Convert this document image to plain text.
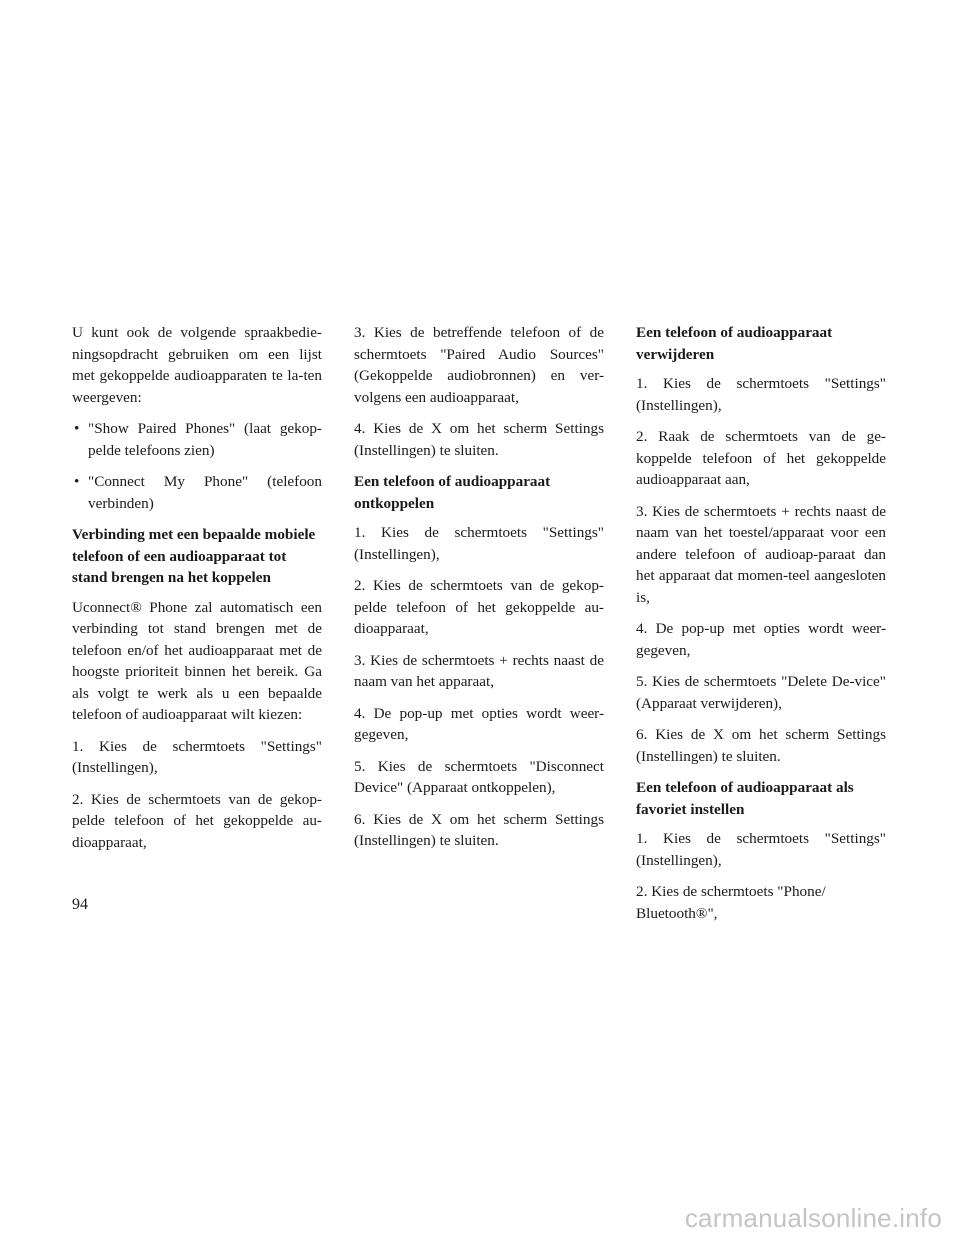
U kunt ook de volgende spraakbedie-ningsopdracht gebruiken om een lijst met gekoppelde audioapparaten te la-ten weergeven:

• "Show Paired Phones" (laat gekop-pelde telefoons zien)
• "Connect My Phone" (telefoon verbinden)

Verbinding met een bepaalde mobiele telefoon of een audioapparaat tot stand brengen na het koppelen

Uconnect® Phone zal automatisch een verbinding tot stand brengen met de telefoon en/of het audioapparaat met de hoogste prioriteit binnen het bereik. Ga als volgt te werk als u een bepaalde telefoon of audioapparaat wilt kiezen:

1. Kies de schermtoets "Settings" (Instellingen),

2. Kies de schermtoets van de gekop-pelde telefoon of het gekoppelde au-dioapparaat,

3. Kies de betreffende telefoon of de schermtoets "Paired Audio Sources" (Gekoppelde audiobronnen) en ver-volgens een audioapparaat,

4. Kies de X om het scherm Settings (Instellingen) te sluiten.

Een telefoon of audioapparaat ontkoppelen

1. Kies de schermtoets "Settings" (Instellingen),

2. Kies de schermtoets van de gekop-pelde telefoon of het gekoppelde au-dioapparaat,

3. Kies de schermtoets + rechts naast de naam van het apparaat,

4. De pop-up met opties wordt weer-gegeven,

5. Kies de schermtoets "Disconnect Device" (Apparaat ontkoppelen),

6. Kies de X om het scherm Settings (Instellingen) te sluiten.

Een telefoon of audioapparaat verwijderen

1. Kies de schermtoets "Settings" (Instellingen),

2. Raak de schermtoets van de ge-koppelde telefoon of het gekoppelde audioapparaat aan,

3. Kies de schermtoets + rechts naast de naam van het toestel/apparaat voor een andere telefoon of audioap-paraat dan het apparaat dat momen-teel aangesloten is,

4. De pop-up met opties wordt weer-gegeven,

5. Kies de schermtoets "Delete De-vice" (Apparaat verwijderen),

6. Kies de X om het scherm Settings (Instellingen) te sluiten.

Een telefoon of audioapparaat als favoriet instellen

1. Kies de schermtoets "Settings" (Instellingen),

2. Kies de schermtoets "Phone/ Bluetooth®",

94
carmanualsonline.info
